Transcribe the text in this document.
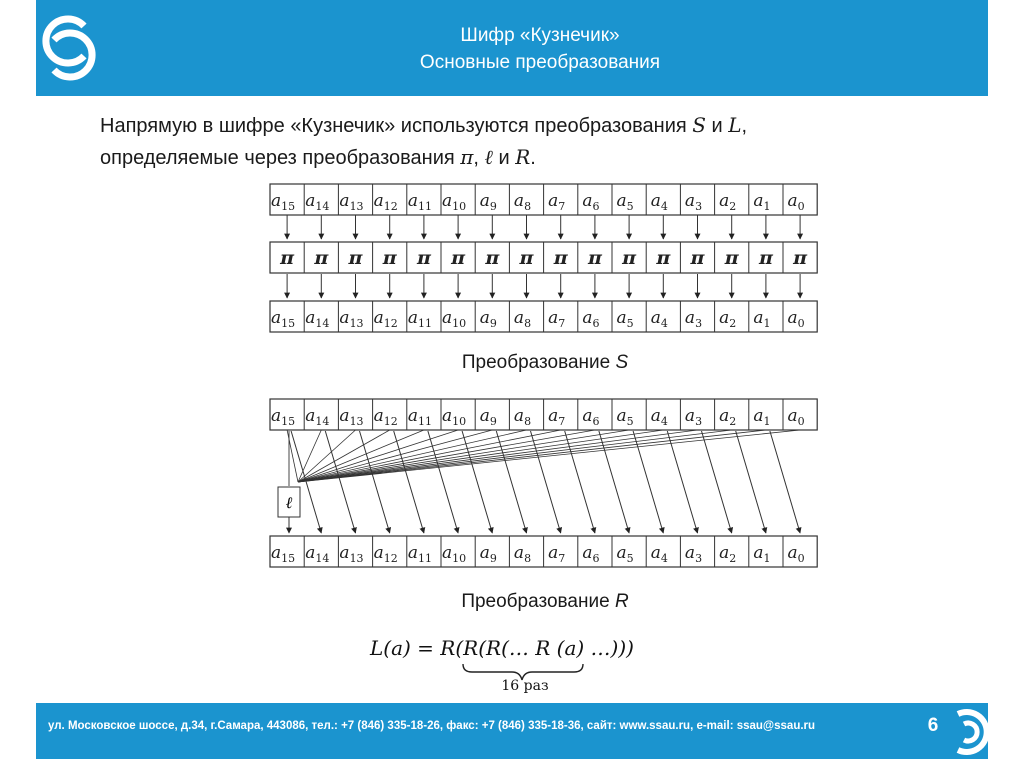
Шифр «Кузнечик»
Основные преобразования
Напрямую в шифре «Кузнечик» используются преобразования S и L,
определяемые через преобразования π, ℓ и R.
$a_{15}$ $a_{14}$ $a_{13}$ $a_{12}$ $a_{11}$ $a_{10}$ $a_9$ $a_8$ $a_7$ $a_6$ $a_5$ $a_4$ $a_3$ $a_2$ $a_1$ $a_0$
π π π π π π π π π π π π π π π π
$a_{15}$ $a_{14}$ $a_{13}$ $a_{12}$ $a_{11}$ $a_{10}$ $a_9$ $a_8$ $a_7$ $a_6$ $a_5$ $a_4$ $a_3$ $a_2$ $a_1$ $a_0$
$a_{15}$ $a_{14}$ $a_{13}$ $a_{12}$ $a_{11}$ $a_{10}$ $a_9$ $a_8$ $a_7$ $a_6$ $a_5$ $a_4$ $a_3$ $a_2$ $a_1$ $a_0$
$a_{15}$ $a_{14}$ $a_{13}$ $a_{12}$ $a_{11}$ $a_{10}$ $a_9$ $a_8$ $a_7$ $a_6$ $a_5$ $a_4$ $a_3$ $a_2$ $a_1$ $a_0$
ℓ
Преобразование S
Преобразование R
L(a) = R(R(R(… R (a) …)))
16 раз
ул. Московское шоссе, д.34, г.Самара, 443086, тел.: +7 (846) 335-18-26, факс: +7 (846) 335-18-36, сайт: www.ssau.ru, e-mail: ssau@ssau.ru	6
